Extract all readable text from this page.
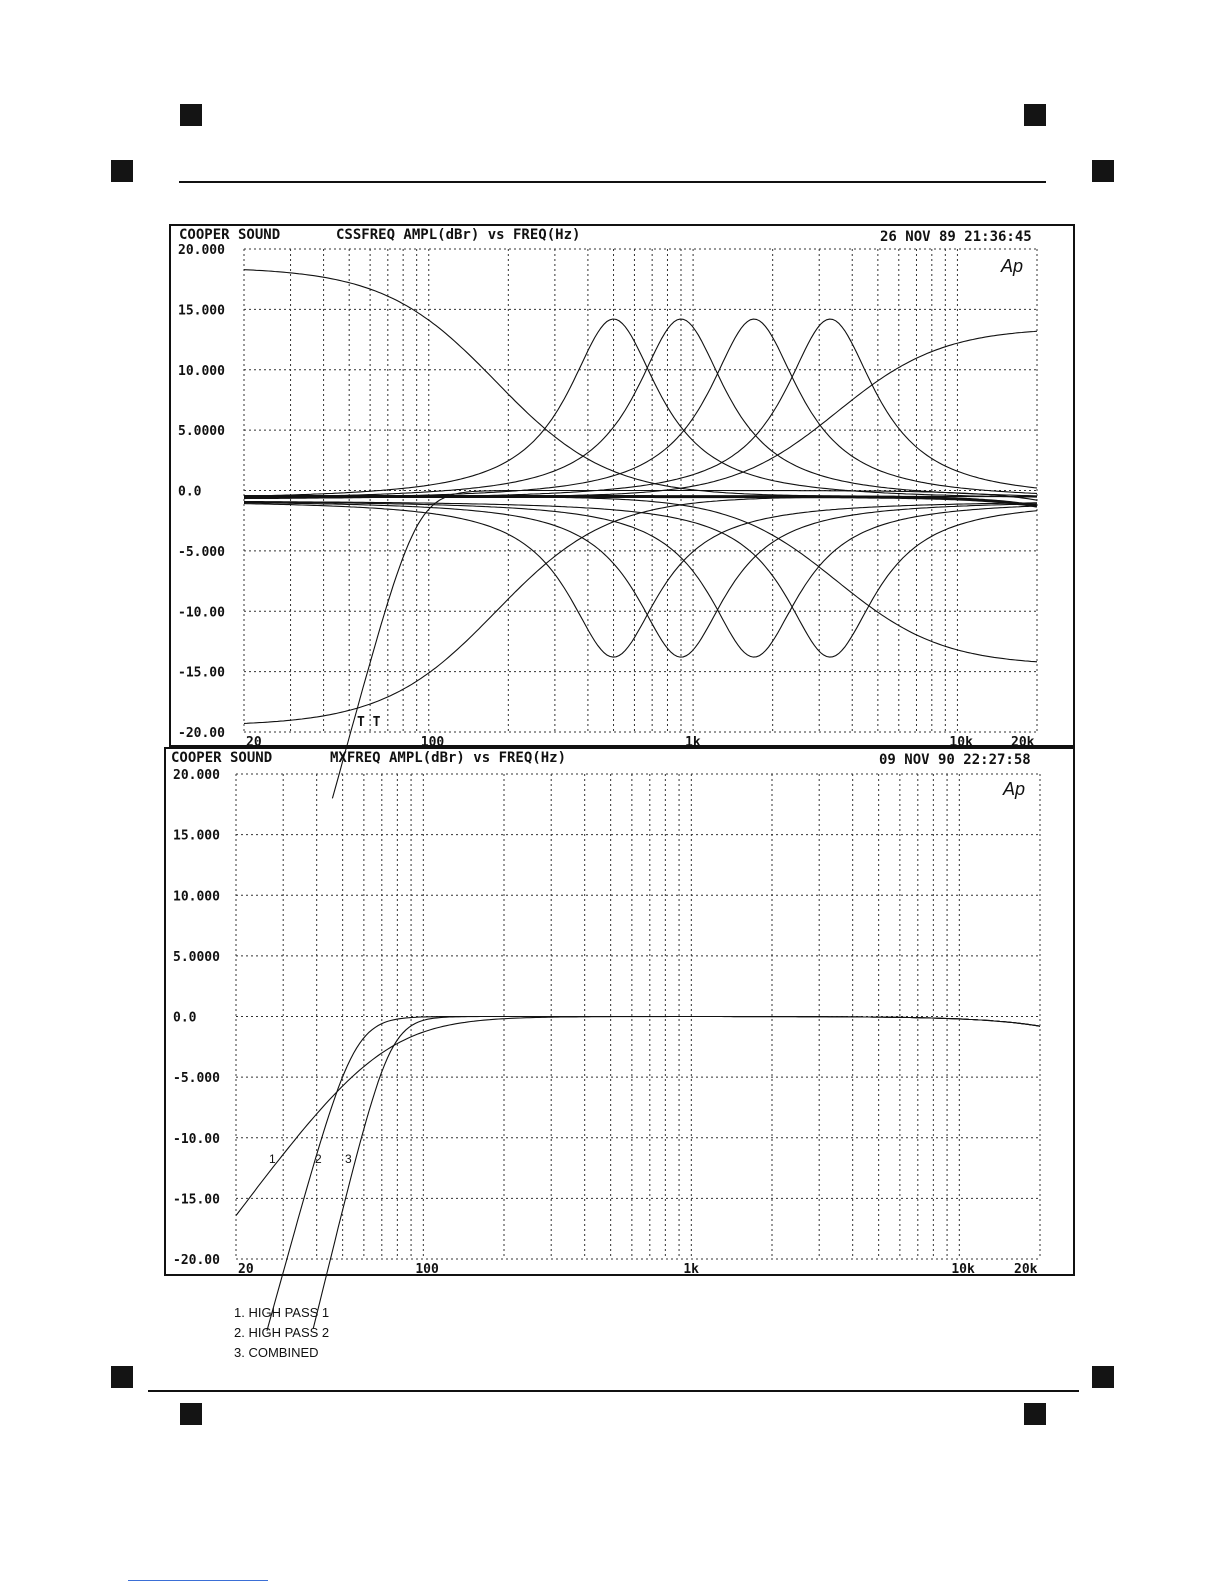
COOPER SOUND	CSSFREQ AMPL(dBr) vs FREQ(Hz)	26 NOV 89 21:36:45
Ap
T T
20.000
15.000
10.000
5.0000
0.0
-5.000
-10.00
-15.00
-20.00
20	100	1k	10k	20k
COOPER SOUND	MXFREQ AMPL(dBr) vs FREQ(Hz)	09 NOV 90 22:27:58
Ap
20.000
15.000
10.000
5.0000
0.0
-5.000
-10.00
-15.00
-20.00
20	100	1k	10k	20k
1	2 3
1. HIGH PASS 1
2. HIGH PASS 2
3. COMBINED
